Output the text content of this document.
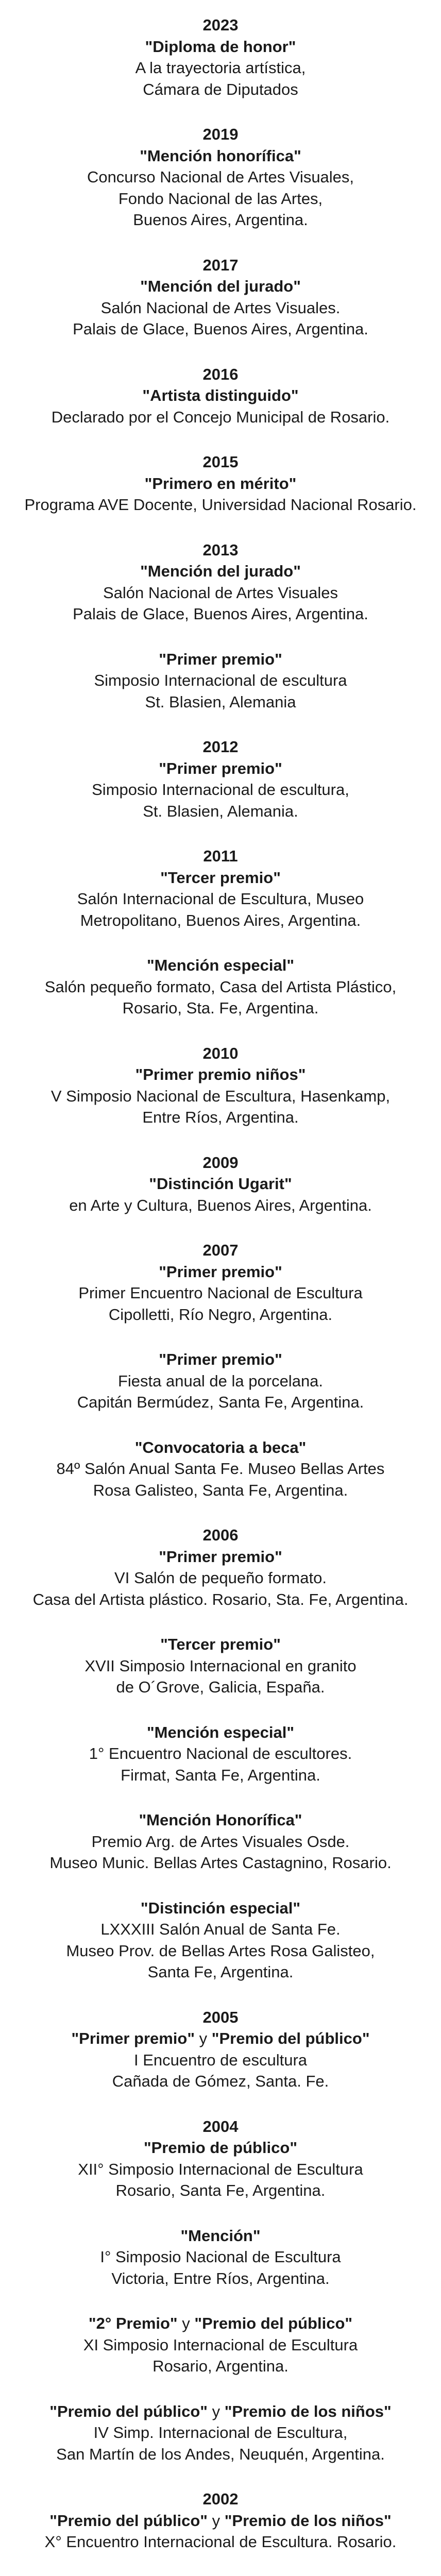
2023
"Diploma de honor"
A la trayectoria artística,
Cámara de Diputados
2019
"Mención honorífica"
Concurso Nacional de Artes Visuales,
Fondo Nacional de las Artes,
Buenos Aires, Argentina.
2017
"Mención del jurado"
Salón Nacional de Artes Visuales.
Palais de Glace, Buenos Aires, Argentina.
2016
"Artista distinguido"
Declarado por el Concejo Municipal de Rosario.
2015
"Primero en mérito"
Programa AVE Docente, Universidad Nacional Rosario.
2013
"Mención del jurado"
Salón Nacional de Artes Visuales
Palais de Glace, Buenos Aires, Argentina.
"Primer premio"
Simposio Internacional de escultura
St. Blasien, Alemania
2012
"Primer premio"
Simposio Internacional de escultura,
St. Blasien, Alemania.
2011
"Tercer premio"
Salón Internacional de Escultura, Museo
Metropolitano, Buenos Aires, Argentina.
"Mención especial"
Salón pequeño formato, Casa del Artista Plástico,
Rosario, Sta. Fe, Argentina.
2010
"Primer premio niños"
V Simposio Nacional de Escultura, Hasenkamp,
Entre Ríos, Argentina.
2009
"Distinción Ugarit"
en Arte y Cultura, Buenos Aires, Argentina.
2007
"Primer premio"
Primer Encuentro Nacional de Escultura
Cipolletti, Río Negro, Argentina.
"Primer premio"
Fiesta anual de la porcelana.
Capitán Bermúdez, Santa Fe, Argentina.
"Convocatoria a beca"
84º Salón Anual Santa Fe. Museo Bellas Artes
Rosa Galisteo, Santa Fe, Argentina.
2006
"Primer premio"
VI Salón de pequeño formato.
Casa del Artista plástico. Rosario, Sta. Fe, Argentina.
"Tercer premio"
XVII Simposio Internacional en granito
de O´Grove, Galicia, España.
"Mención especial"
1° Encuentro Nacional de escultores.
Firmat, Santa Fe, Argentina.
"Mención Honorífica"
Premio Arg. de Artes Visuales Osde.
Museo Munic. Bellas Artes Castagnino, Rosario.
"Distinción especial"
LXXXIII Salón Anual de Santa Fe.
Museo Prov. de Bellas Artes Rosa Galisteo,
Santa Fe, Argentina.
2005
"Primer premio" y "Premio del público"
I Encuentro de escultura
Cañada de Gómez, Santa. Fe.
2004
"Premio de público"
XII° Simposio Internacional de Escultura
Rosario, Santa Fe, Argentina.
"Mención"
I° Simposio Nacional de Escultura
Victoria, Entre Ríos, Argentina.
"2° Premio" y "Premio del público"
XI Simposio Internacional de Escultura
Rosario, Argentina.
"Premio del público" y "Premio de los niños"
IV Simp. Internacional de Escultura,
San Martín de los Andes, Neuquén, Argentina.
2002
"Premio del público" y "Premio de los niños"
X° Encuentro Internacional de Escultura. Rosario.
